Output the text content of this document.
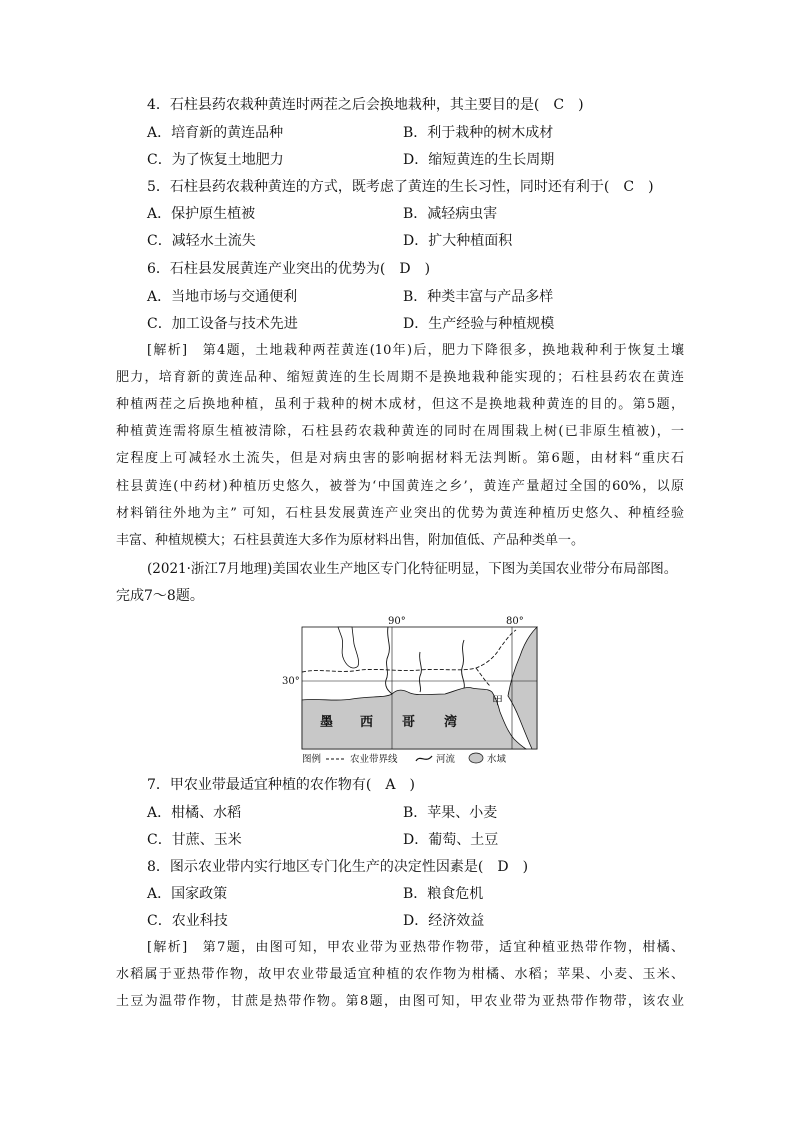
4．石柱县药农栽种黄连时两茬之后会换地栽种，其主要目的是(　C　)
A．培育新的黄连品种	B．利于栽种的树木成材
C．为了恢复土地肥力	D．缩短黄连的生长周期
5．石柱县药农栽种黄连的方式，既考虑了黄连的生长习性，同时还有利于(　C　)
A．保护原生植被	B．减轻病虫害
C．减轻水土流失	D．扩大种植面积
6．石柱县发展黄连产业突出的优势为(　D　)
A．当地市场与交通便利	B．种类丰富与产品多样
C．加工设备与技术先进	D．生产经验与种植规模
[解析]　第4题，土地栽种两茬黄连(10年)后，肥力下降很多，换地栽种利于恢复土壤
肥力，培育新的黄连品种、缩短黄连的生长周期不是换地栽种能实现的；石柱县药农在黄连
种植两茬之后换地种植，虽利于栽种的树木成材，但这不是换地栽种黄连的目的。第5题，
种植黄连需将原生植被清除，石柱县药农栽种黄连的同时在周围栽上树(已非原生植被)，一
定程度上可减轻水土流失，但是对病虫害的影响据材料无法判断。第6题，由材料“重庆石
柱县黄连(中药材)种植历史悠久，被誉为‘中国黄连之乡’，黄连产量超过全国的60%，以原
材料销往外地为主” 可知，石柱县发展黄连产业突出的优势为黄连种植历史悠久、种植经验
丰富、种植规模大；石柱县黄连大多作为原材料出售，附加值低、产品种类单一。
(2021·浙江7月地理)美国农业生产地区专门化特征明显，下图为美国农业带分布局部图。
完成7～8题。
90°	80°
30°
甲
墨 西 哥 湾
图例	农业带界线	河流	水域
7．甲农业带最适宜种植的农作物有(　A　)
A．柑橘、水稻	B．苹果、小麦
C．甘蔗、玉米	D．葡萄、土豆
8．图示农业带内实行地区专门化生产的决定性因素是(　D　)
A．国家政策	B．粮食危机
C．农业科技	D．经济效益
[解析]　第7题，由图可知，甲农业带为亚热带作物带，适宜种植亚热带作物，柑橘、
水稻属于亚热带作物，故甲农业带最适宜种植的农作物为柑橘、水稻；苹果、小麦、玉米、
土豆为温带作物，甘蔗是热带作物。第8题，由图可知，甲农业带为亚热带作物带，该农业
